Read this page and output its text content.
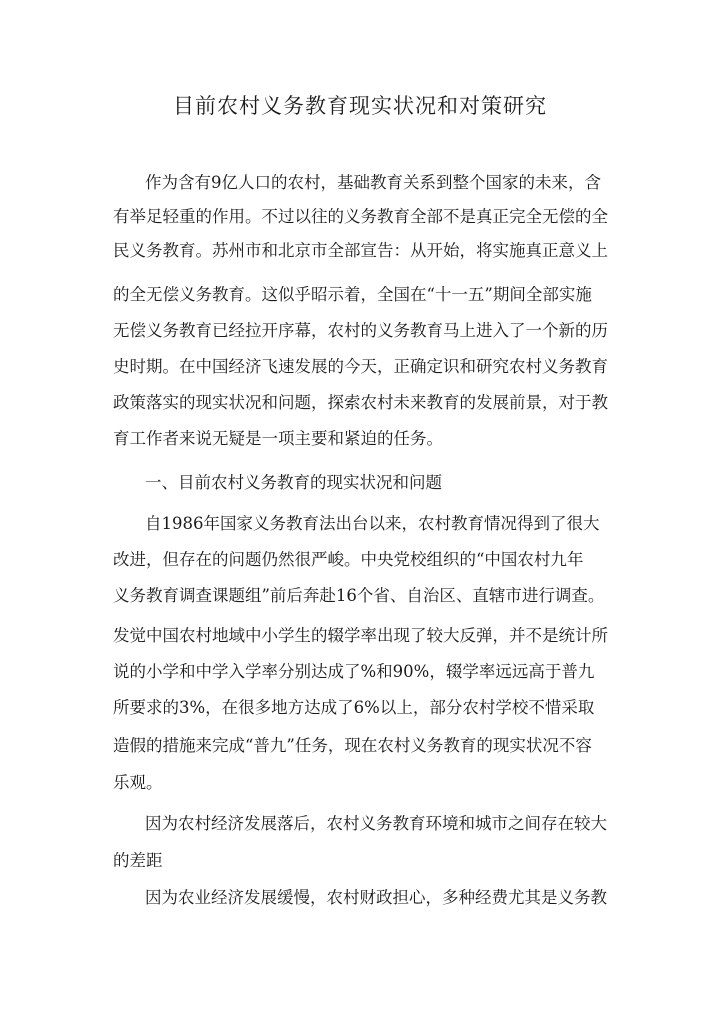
目前农村义务教育现实状况和对策研究
作为含有9亿人口的农村，基础教育关系到整个国家的未来，含
有举足轻重的作用。不过以往的义务教育全部不是真正完全无偿的全
民义务教育。苏州市和北京市全部宣告：从开始，将实施真正意义上
的全无偿义务教育。这似乎昭示着，全国在“十一五”期间全部实施
无偿义务教育已经拉开序幕，农村的义务教育马上进入了一个新的历
史时期。在中国经济飞速发展的今天，正确定识和研究农村义务教育
政策落实的现实状况和问题，探索农村未来教育的发展前景，对于教
育工作者来说无疑是一项主要和紧迫的任务。
一、目前农村义务教育的现实状况和问题
自1986年国家义务教育法出台以来，农村教育情况得到了很大
改进，但存在的问题仍然很严峻。中央党校组织的“中国农村九年
义务教育调查课题组”前后奔赴16个省、自治区、直辖市进行调查。
发觉中国农村地域中小学生的辍学率出现了较大反弹，并不是统计所
说的小学和中学入学率分别达成了%和90%，辍学率远远高于普九
所要求的3%，在很多地方达成了6%以上，部分农村学校不惜采取
造假的措施来完成“普九”任务，现在农村义务教育的现实状况不容
乐观。
因为农村经济发展落后，农村义务教育环境和城市之间存在较大
的差距
因为农业经济发展缓慢，农村财政担心，多种经费尤其是义务教
